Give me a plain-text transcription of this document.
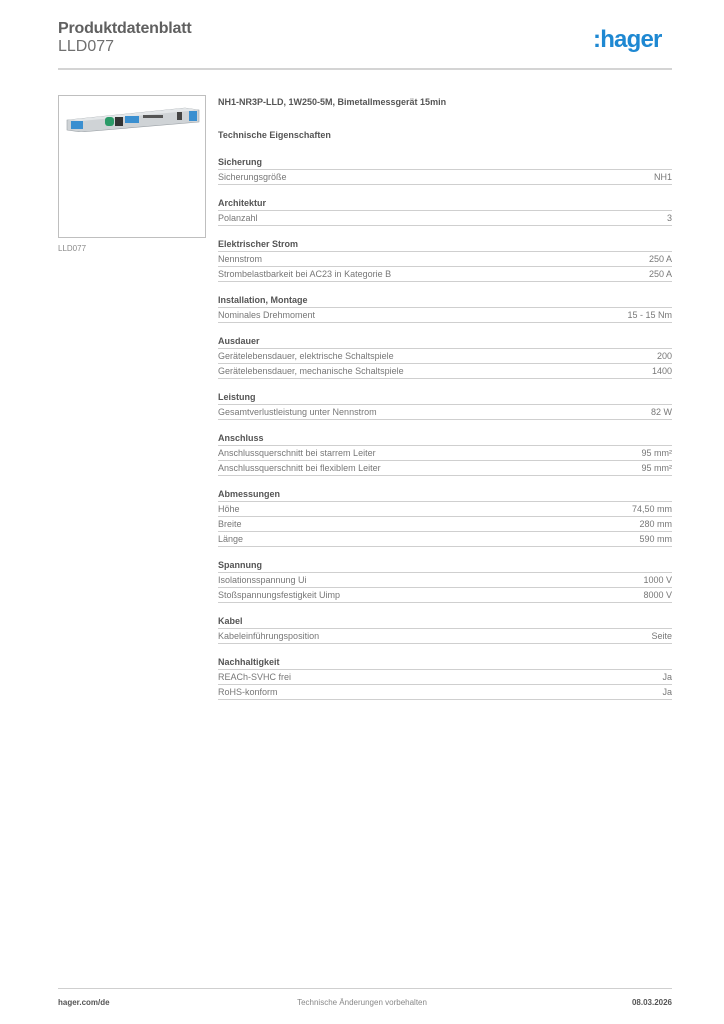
Produktdatenblatt
LLD077	:hager
LLD077
NH1-NR3P-LLD, 1W250-5M, Bimetallmessgerät 15min
Technische Eigenschaften
Sicherung
Sicherungsgröße	NH1
Architektur
Polanzahl	3
Elektrischer Strom
Nennstrom	250 A
Strombelastbarkeit bei AC23 in Kategorie B	250 A
Installation, Montage
Nominales Drehmoment	15 - 15 Nm
Ausdauer
Gerätelebensdauer, elektrische Schaltspiele	200
Gerätelebensdauer, mechanische Schaltspiele	1400
Leistung
Gesamtverlustleistung unter Nennstrom	82 W
Anschluss
Anschlussquerschnitt bei starrem Leiter	95 mm²
Anschlussquerschnitt bei flexiblem Leiter	95 mm²
Abmessungen
Höhe	74,50 mm
Breite	280 mm
Länge	590 mm
Spannung
Isolationsspannung Ui	1000 V
Stoßspannungsfestigkeit Uimp	8000 V
Kabel
Kabeleinführungsposition	Seite
Nachhaltigkeit
REACh-SVHC frei	Ja
RoHS-konform	Ja
hager.com/de	Technische Änderungen vorbehalten	08.03.2026
